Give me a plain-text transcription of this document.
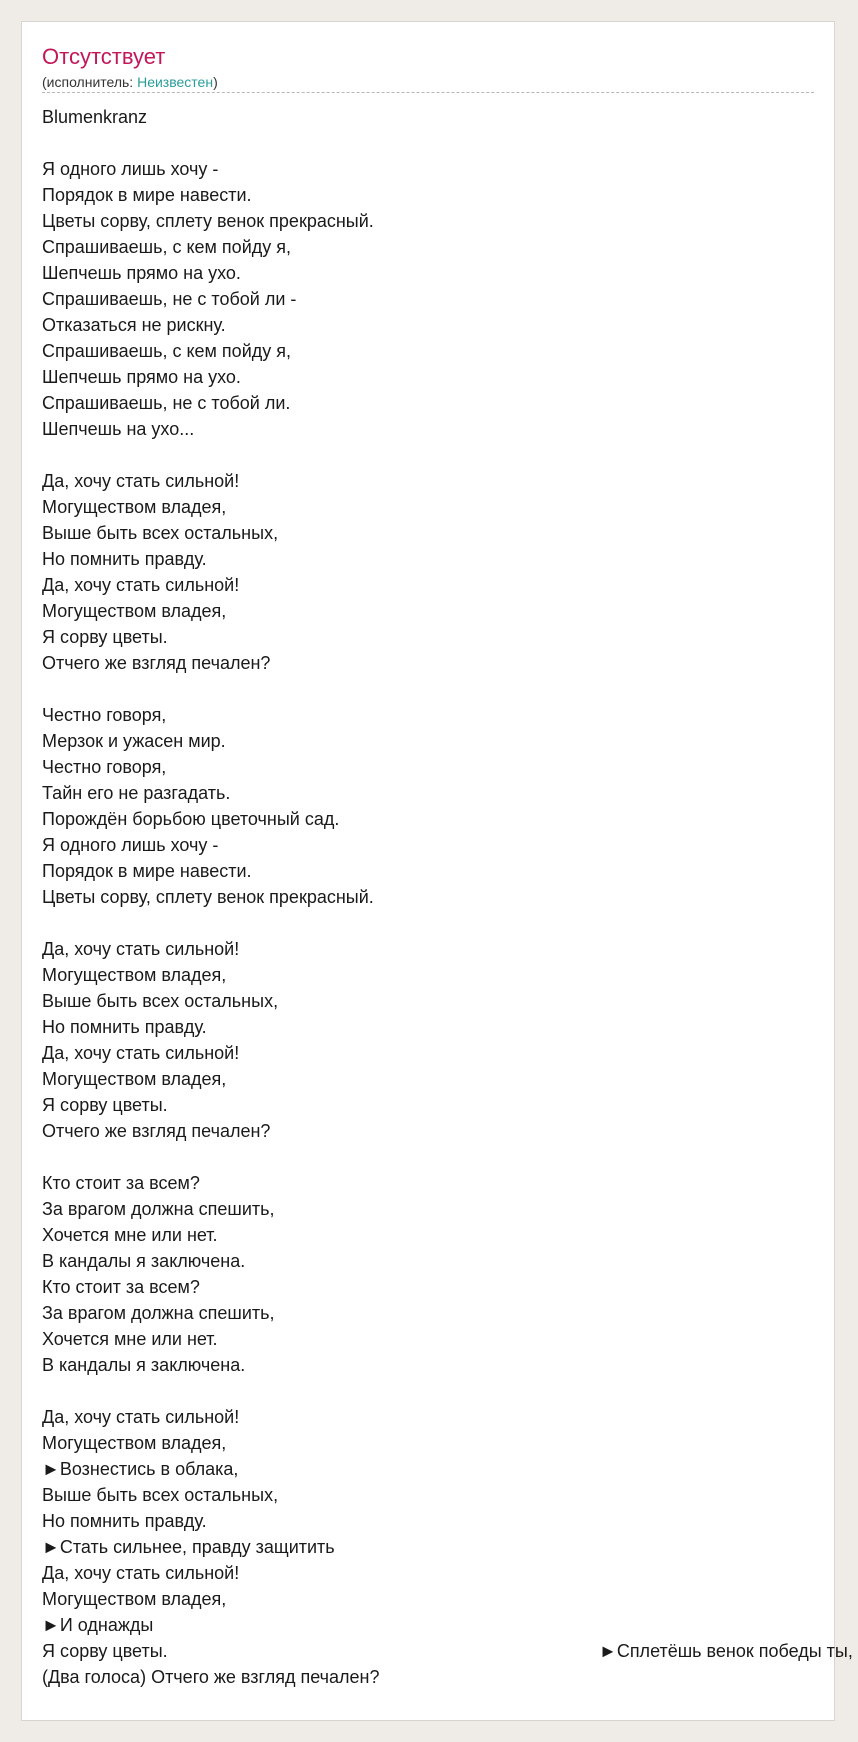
Отсутствует
(исполнитель: Неизвестен)
Blumenkranz
Я одного лишь хочу -
Порядок в мире навести.
Цветы сорву, сплету венок прекрасный.
Спрашиваешь, с кем пойду я,
Шепчешь прямо на ухо.
Спрашиваешь, не с тобой ли -
Отказаться не рискну.
Спрашиваешь, с кем пойду я,
Шепчешь прямо на ухо.
Спрашиваешь, не с тобой ли.
Шепчешь на ухо...
Да, хочу стать сильной!
Могуществом владея,
Выше быть всех остальных,
Но помнить правду.
Да, хочу стать сильной!
Могуществом владея,
Я сорву цветы.
Отчего же взгляд печален?
Честно говоря,
Мерзок и ужасен мир.
Честно говоря,
Тайн его не разгадать.
Порождён борьбою цветочный сад.
Я одного лишь хочу -
Порядок в мире навести.
Цветы сорву, сплету венок прекрасный.
Да, хочу стать сильной!
Могуществом владея,
Выше быть всех остальных,
Но помнить правду.
Да, хочу стать сильной!
Могуществом владея,
Я сорву цветы.
Отчего же взгляд печален?
Кто стоит за всем?
За врагом должна спешить,
Хочется мне или нет.
В кандалы я заключена.
Кто стоит за всем?
За врагом должна спешить,
Хочется мне или нет.
В кандалы я заключена.
Да, хочу стать сильной!
Могуществом владея,
►Вознестись в облака,
Выше быть всех остальных,
Но помнить правду.
►Стать сильнее, правду защитить
Да, хочу стать сильной!
Могуществом владея,
►И однажды
Я сорву цветы.	►Сплетёшь венок победы ты,
(Два голоса) Отчего же взгляд печален?
